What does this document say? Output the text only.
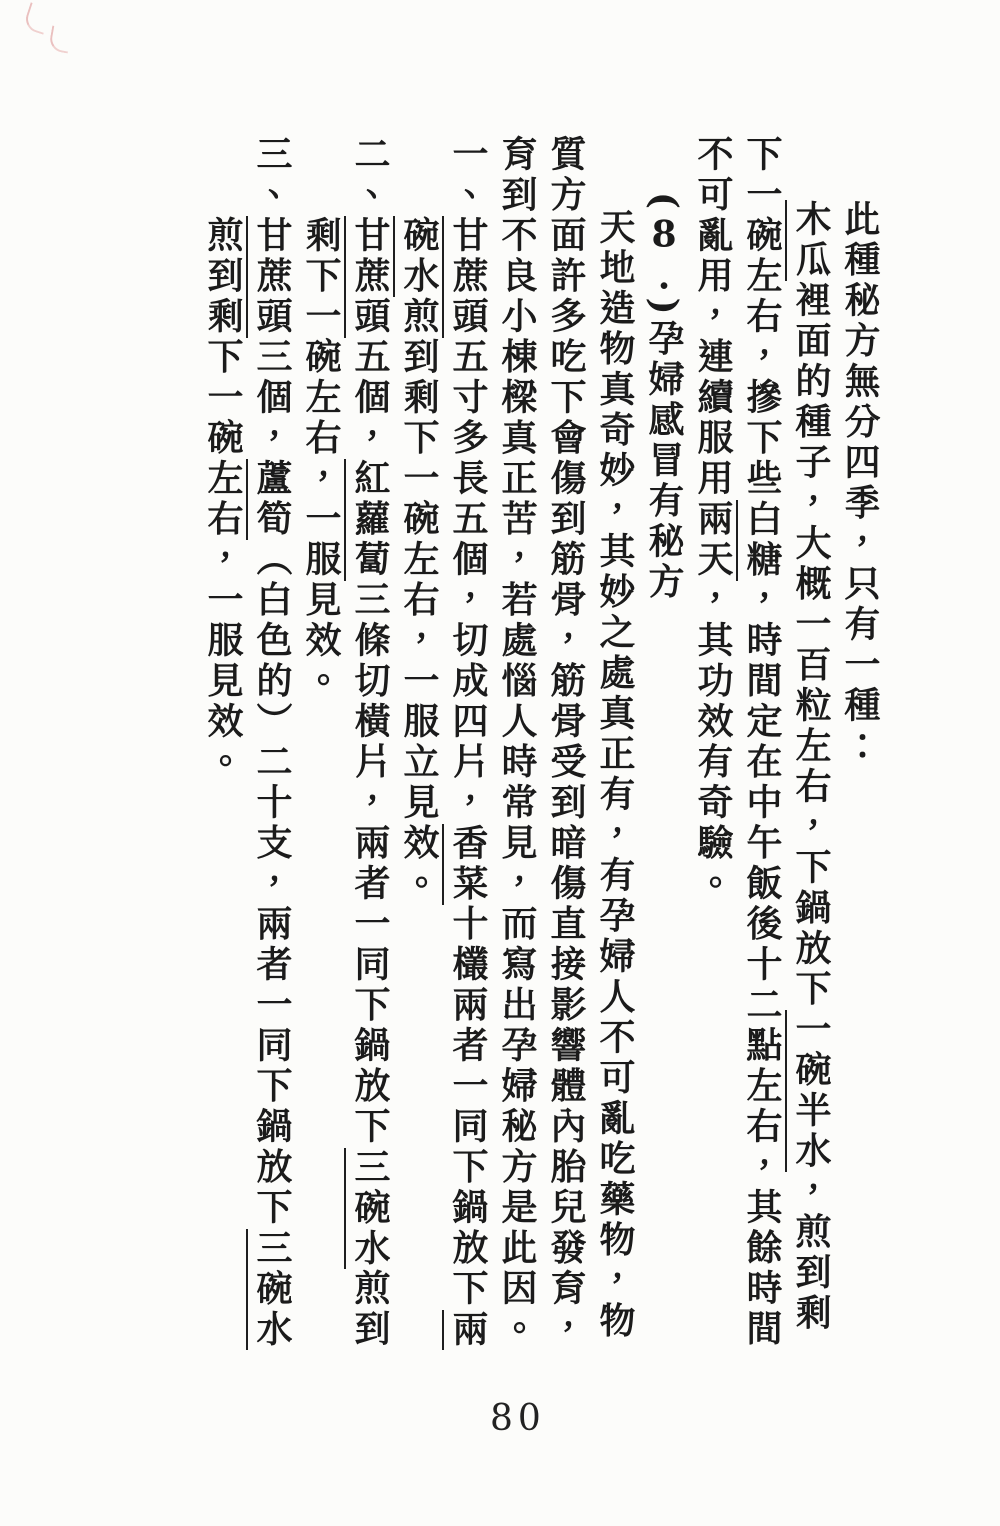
此種秘方無分四季，只有一種：
木瓜裡面的種子，大概一百粒左右，下鍋放下一碗半水，煎到剩
下一碗左右，摻下些白糖，時間定在中午飯後十二點左右，其餘時間
不可亂用，連續服用兩天，其功效有奇驗。
(8.)孕婦感冒有秘方
天地造物真奇妙，其妙之處真正有，有孕婦人不可亂吃藥物，物
質方面許多吃下會傷到筋骨，筋骨受到暗傷直接影響體內胎兒發育，
育到不良小棟樑真正苦，若處惱人時常見，而寫出孕婦秘方是此因。
一、甘蔗頭五寸多長五個，切成四片，香菜十欉兩者一同下鍋放下兩
碗水煎到剩下一碗左右，一服立見效。
二、甘蔗頭五個，紅蘿蔔三條切橫片，兩者一同下鍋放下三碗水煎到
剩下一碗左右，一服見效。
三、甘蔗頭三個，蘆筍（白色的）二十支，兩者一同下鍋放下三碗水
煎到剩下一碗左右，一服見效。
80
